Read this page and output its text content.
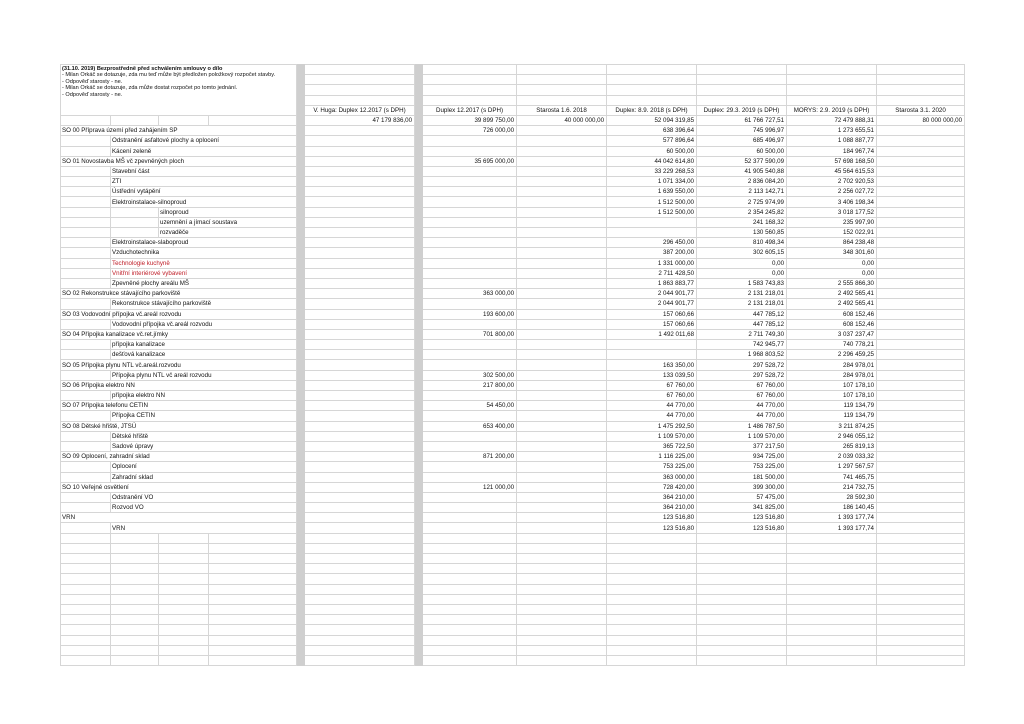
(31.10. 2019) Bezprostředně před schválením smlouvy o dílo
- Milan Orkáč se dotazuje, zda mu teď může být předložen položkový rozpočet stavby.
- Odpověď starosty - ne.
- Milan Orkáč se dotazuje, zda může dostat rozpočet po tomto jednání.
- Odpověď starosty - ne.												

					V. Huga: Duplex 12.2017 (s DPH)		Duplex 12.2017 (s DPH)	Starosta 1.6. 2018	Duplex: 8.9. 2018 (s DPH)	Duplex: 29.3. 2019 (s DPH)	MORYS: 2.9. 2019 (s DPH)	Starosta 3.1. 2020
					47 179 836,00		39 899 750,00	40 000 000,00	52 094 319,85	61 766 727,51	72 479 888,31	80 000 000,00
SO 00 Příprava území před zahájením SP							726 000,00		638 396,64	745 996,97	1 273 655,51	
	Odstranění asfaltové plochy a oplocení								577 896,64	685 496,97	1 088 887,77	
	Kácení zeleně								60 500,00	60 500,00	184 967,74	
SO 01 Novostavba MŠ vč zpevněných ploch							35 695 000,00		44 042 614,80	52 377 590,09	57 698 168,50	
	Stavební část								33 229 268,53	41 905 540,88	45 564 615,53	
	ZTI								1 071 334,00	2 836 084,20	2 702 920,53	
	Ústřední vytápění								1 639 550,00	2 113 142,71	2 256 027,72	
	Elektroinstalace-silnoproud								1 512 500,00	2 725 974,99	3 406 198,34	
		silnoproud							1 512 500,00	2 354 245,82	3 018 177,52	
		uzemnění a jímací soustava								241 168,32	235 997,90	
		rozvaděče								130 560,85	152 022,91	
	Elektroinstalace-slaboproud								296 450,00	810 498,34	864 238,48	
	Vzduchotechnika								387 200,00	302 605,15	348 301,60	
	Technologie kuchyně								1 331 000,00	0,00	0,00	
	Vnitřní interiérové vybavení								2 711 428,50	0,00	0,00	
	Zpevněné plochy areálu MŠ								1 863 883,77	1 583 743,83	2 555 866,30	
SO 02 Rekonstrukce stávajícího parkoviště							363 000,00		2 044 901,77	2 131 218,01	2 492 565,41	
	Rekonstrukce stávajícího parkoviště								2 044 901,77	2 131 218,01	2 492 565,41	
SO 03 Vodovodní přípojka vč.areál rozvodu							193 600,00		157 060,66	447 785,12	608 152,46	
	Vodovodní přípojka vč.areál rozvodu								157 060,66	447 785,12	608 152,46	
SO 04 Přípojka kanalizace vč.ret.jímky							701 800,00		1 492 011,68	2 711 749,30	3 037 237,47	
	přípojka kanalizace									742 945,77	740 778,21	
	dešťová kanalizace									1 968 803,52	2 296 459,25	
SO 05 Přípojka plynu NTL vč.areál.rozvodu									163 350,00	297 528,72	284 978,01	
	Přípojka plynu NTL vč areál rozvodu						302 500,00		133 039,50	297 528,72	284 978,01	
SO 06 Přípojka elektro NN							217 800,00		67 760,00	67 760,00	107 178,10	
	přípojka elektro NN								67 760,00	67 760,00	107 178,10	
SO 07 Přípojka telefonu CETIN							54 450,00		44 770,00	44 770,00	119 134,79	
	Přípojka CETIN								44 770,00	44 770,00	119 134,79	
SO 08 Dětské hřiště, JTSÚ							653 400,00		1 475 292,50	1 486 787,50	3 211 874,25	
	Dětské hřiště								1 109 570,00	1 109 570,00	2 946 055,12	
	Sadové úpravy								365 722,50	377 217,50	265 819,13	
SO 09 Oplocení, zahradní sklad							871 200,00		1 116 225,00	934 725,00	2 039 033,32	
	Oplocení								753 225,00	753 225,00	1 297 567,57	
	Zahradní sklad								363 000,00	181 500,00	741 465,75	
SO 10 Veřejné osvětlení							121 000,00		728 420,00	399 300,00	214 732,75	
	Odstranění VO								364 210,00	57 475,00	28 592,30	
	Rozvod VO								364 210,00	341 825,00	186 140,45	
VRN									123 516,80	123 516,80	1 393 177,74	
	VRN								123 516,80	123 516,80	1 393 177,74	
